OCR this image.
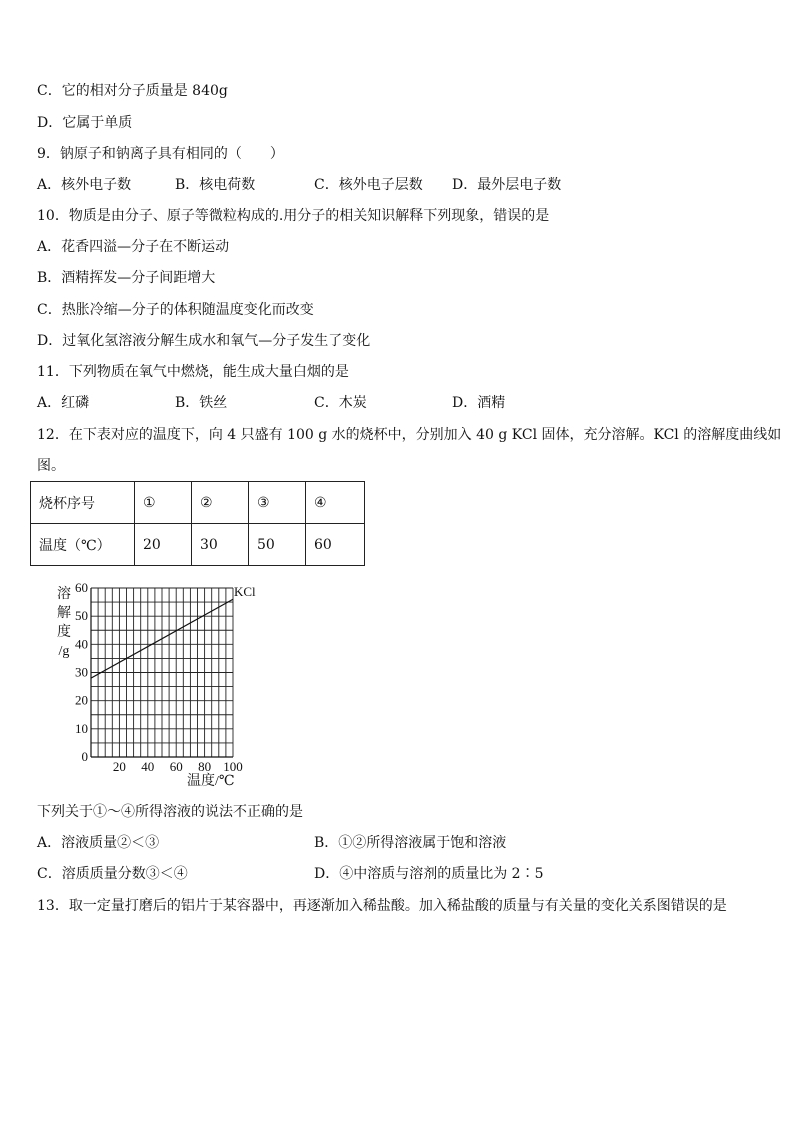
C．它的相对分子质量是 840g
D．它属于单质
9．钠原子和钠离子具有相同的（　　）
A．核外电子数	B．核电荷数	C．核外电子层数 D．最外层电子数
10．物质是由分子、原子等微粒构成的.用分子的相关知识解释下列现象，错误的是
A．花香四溢—分子在不断运动
B．酒精挥发—分子间距增大
C．热胀冷缩—分子的体积随温度变化而改变
D．过氧化氢溶液分解生成水和氧气—分子发生了变化
11．下列物质在氧气中燃烧，能生成大量白烟的是
A．红磷	B．铁丝	C．木炭	D．酒精
12．在下表对应的温度下，向 4 只盛有 100 g 水的烧杯中，分别加入 40 g KCl 固体，充分溶解。KCl 的溶解度曲线如
图。
烧杯序号	①	②	③	④
温度（℃）	20	30	50	60
溶
解
度
/g
0
10
20
30
40
50
60
20 40 60 80 100
KCl
温度/℃
下列关于①～④所得溶液的说法不正确的是
A．溶液质量②＜③	B．①②所得溶液属于饱和溶液
C．溶质质量分数③＜④	D．④中溶质与溶剂的质量比为 2∶5
13．取一定量打磨后的铝片于某容器中，再逐渐加入稀盐酸。加入稀盐酸的质量与有关量的变化关系图错误的是
